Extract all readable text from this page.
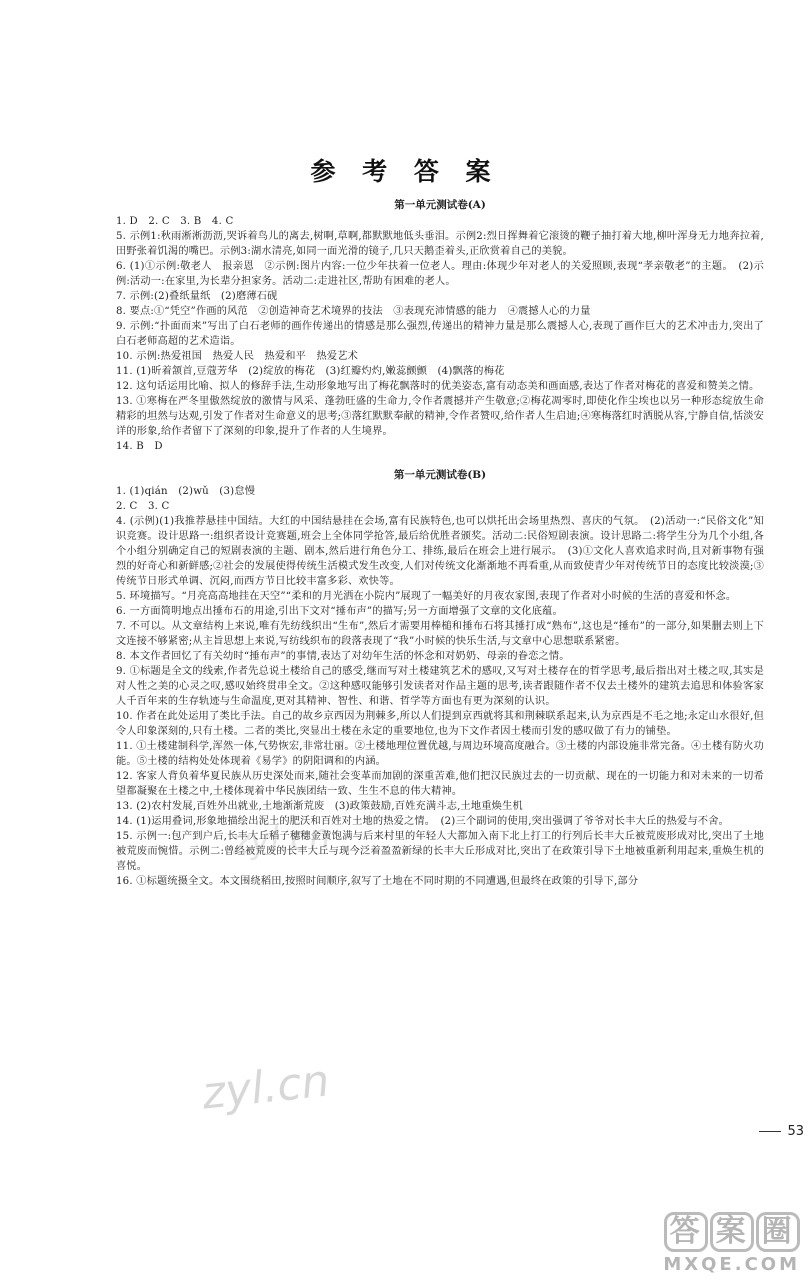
参 考 答 案
第一单元测试卷(A)

1. D　2. C　3. B　4. C

5. 示例1:秋雨淅淅沥沥,哭诉着鸟儿的离去,树啊,草啊,都默默地低头垂泪。示例2:烈日挥舞着它滚烫的鞭子抽打着大地,柳叶浑身无力地奔拉着,田野张着饥渴的嘴巴。示例3:湖水清亮,如同一面光滑的镜子,几只天鹅歪着头,正欣赏着自己的美貌。

6. (1)①示例:敬老人　报亲恩　②示例:图片内容:一位少年扶着一位老人。理由:体现少年对老人的关爱照顾,表现“孝亲敬老”的主题。　(2)示例:活动一:在家里,为长辈分担家务。活动二:走进社区,帮助有困难的老人。

7. 示例:(2)叠纸量纸　(2)磨薄石砚

8. 要点:①“凭空”作画的风范　②创造神奇艺术境界的技法　③表现充沛情感的能力　④震撼人心的力量

9. 示例:“扑面而来”写出了白石老师的画作传递出的情感是那么强烈,传递出的精神力量是那么震撼人心,表现了画作巨大的艺术冲击力,突出了白石老师高超的艺术造诣。

10. 示例:热爱祖国　热爱人民　热爱和平　热爱艺术

11. (1)昕着颔首,豆蔻芳华　(2)绽放的梅花　(3)红瓣灼灼,嫩蕊颤颤　(4)飘落的梅花

12. 这句话运用比喻、拟人的修辞手法,生动形象地写出了梅花飘落时的优美姿态,富有动态美和画面感,表达了作者对梅花的喜爱和赞美之情。

13. ①寒梅在严冬里傲然绽放的激情与风采、蓬勃旺盛的生命力,令作者震撼并产生敬意;②梅花凋零时,即使化作尘埃也以另一种形态绽放生命精彩的坦然与达观,引发了作者对生命意义的思考;③落红默默奉献的精神,令作者赞叹,给作者人生启迪;④寒梅落红时洒脱从容,宁静自信,恬淡安详的形象,给作者留下了深刻的印象,提升了作者的人生境界。

14. B　D

第一单元测试卷(B)

1. (1)qián　(2)wǔ　(3)怠慢

2. C　3. C

4. (示例)(1)我推荐悬挂中国结。大红的中国结悬挂在会场,富有民族特色,也可以烘托出会场里热烈、喜庆的气氛。　(2)活动一:“民俗文化”知识竞赛。设计思路一:组织者设计竞赛题,班会上全体同学抢答,最后给优胜者颁奖。活动二:民俗短剧表演。设计思路二:将学生分为几个小组,各个小组分别确定自己的短剧表演的主题、剧本,然后进行角色分工、排练,最后在班会上进行展示。　(3)①文化人喜欢追求时尚,且对新事物有强烈的好奇心和新鲜感;②社会的发展使得传统生活模式发生改变,人们对传统文化渐渐地不再看重,从而致使青少年对传统节日的态度比较淡漠;③传统节日形式单调、沉闷,而西方节日比较丰富多彩、欢快等。

5. 环境描写。“月亮高高地挂在天空”“柔和的月光洒在小院内”展现了一幅美好的月夜农家图,表现了作者对小时候的生活的喜爱和怀念。

6. 一方面简明地点出捶布石的用途,引出下文对“捶布声”的描写;另一方面增强了文章的文化底蕴。

7. 不可以。从文章结构上来说,唯有先纺线织出“生布”,然后才需要用棒槌和捶布石将其捶打成“熟布”,这也是“捶布”的一部分,如果删去则上下文连接不够紧密;从主旨思想上来说,写纺线织布的段落表现了“我”小时候的快乐生活,与文章中心思想联系紧密。

8. 本文作者回忆了有关幼时“捶布声”的事情,表达了对幼年生活的怀念和对奶奶、母亲的眷恋之情。

9. ①标题是全文的线索,作者先总说土楼给自己的感受,继而写对土楼建筑艺术的感叹,又写对土楼存在的哲学思考,最后指出对土楼之叹,其实是对人性之美的心灵之叹,感叹始终贯串全文。②这种感叹能够引发读者对作品主题的思考,读者跟随作者不仅去土楼外的建筑去追思和体验客家人千百年来的生存轨迹与生命温度,更对其精神、智性、和谐、哲学等方面也有更为深刻的认识。

10. 作者在此处运用了类比手法。自己的故乡京西因为荆棘多,所以人们提到京西就将其和荆棘联系起来,认为京西是不毛之地;永定山水很好,但令人印象深刻的,只有土楼。二者的类比,突显出土楼在永定的重要地位,也为下文作者因土楼而引发的感叹做了有力的铺垫。

11. ①土楼建制科学,浑然一体,气势恢宏,非常壮丽。②土楼地理位置优越,与周边环境高度融合。③土楼的内部设施非常完备。④土楼有防火功能。⑤土楼的结构处处体现着《易学》的阴阳调和的内涵。

12. 客家人背负着华夏民族从历史深处而来,随社会变革而加剧的深重苦难,他们把汉民族过去的一切贡献、现在的一切能力和对未来的一切希望都凝聚在土楼之中,土楼体现着中华民族团结一致、生生不息的伟大精神。

13. (2)农村发展,百姓外出就业,土地渐渐荒废　(3)政策鼓励,百姓充满斗志,土地重焕生机

14. (1)运用叠词,形象地描绘出泥土的肥沃和百姓对土地的热爱之情。　(2)三个副词的使用,突出强调了爷爷对长丰大丘的热爱与不舍。

15. 示例一:包产到户后,长丰大丘稻子穗穗金黄饱满与后来村里的年轻人大都加入南下北上打工的行列后长丰大丘被荒废形成对比,突出了土地被荒废而惋惜。示例二:曾经被荒废的长丰大丘与现今泛着盈盈新绿的长丰大丘形成对比,突出了在政策引导下土地被重新利用起来,重焕生机的喜悦。

16. ①标题统摄全文。本文围绕稻田,按照时间顺序,叙写了土地在不同时期的不同遭遇,但最终在政策的引导下,部分

zyl.cn
zyl.cn
53
答 案 圈
MXQE.COM
